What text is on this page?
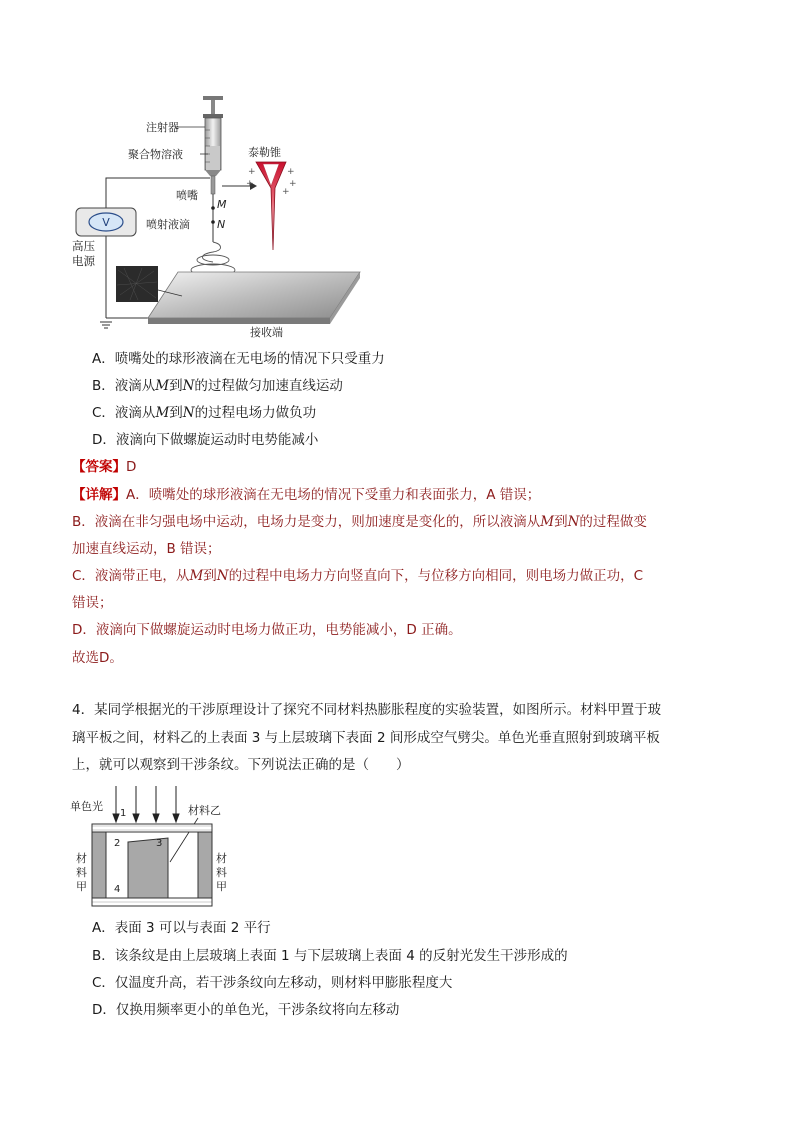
V
高压
电源
注射器
聚合物溶液
喷嘴
喷射液滴
M
N
+
+
+
+
+
泰勒锥
接收端
A．喷嘴处的球形液滴在无电场的情况下只受重力
B．液滴从M到N的过程做匀加速直线运动
C．液滴从M到N的过程电场力做负功
D．液滴向下做螺旋运动时电势能减小
【答案】D
【详解】A．喷嘴处的球形液滴在无电场的情况下受重力和表面张力，A 错误；
B．液滴在非匀强电场中运动，电场力是变力，则加速度是变化的，所以液滴从M到N的过程做变
加速直线运动，B 错误；
C．液滴带正电，从M到N的过程中电场力方向竖直向下，与位移方向相同，则电场力做正功，C
错误；
D．液滴向下做螺旋运动时电场力做正功，电势能减小，D 正确。
故选D。
4．某同学根据光的干涉原理设计了探究不同材料热膨胀程度的实验装置，如图所示。材料甲置于玻
璃平板之间，材料乙的上表面 3 与上层玻璃下表面 2 间形成空气劈尖。单色光垂直照射到玻璃平板
上，就可以观察到干涉条纹。下列说法正确的是（　　）
单色光
1	材料乙
2	3
4
材
料
甲
材
料
甲
A．表面 3 可以与表面 2 平行
B．该条纹是由上层玻璃上表面 1 与下层玻璃上表面 4 的反射光发生干涉形成的
C．仅温度升高，若干涉条纹向左移动，则材料甲膨胀程度大
D．仅换用频率更小的单色光，干涉条纹将向左移动
